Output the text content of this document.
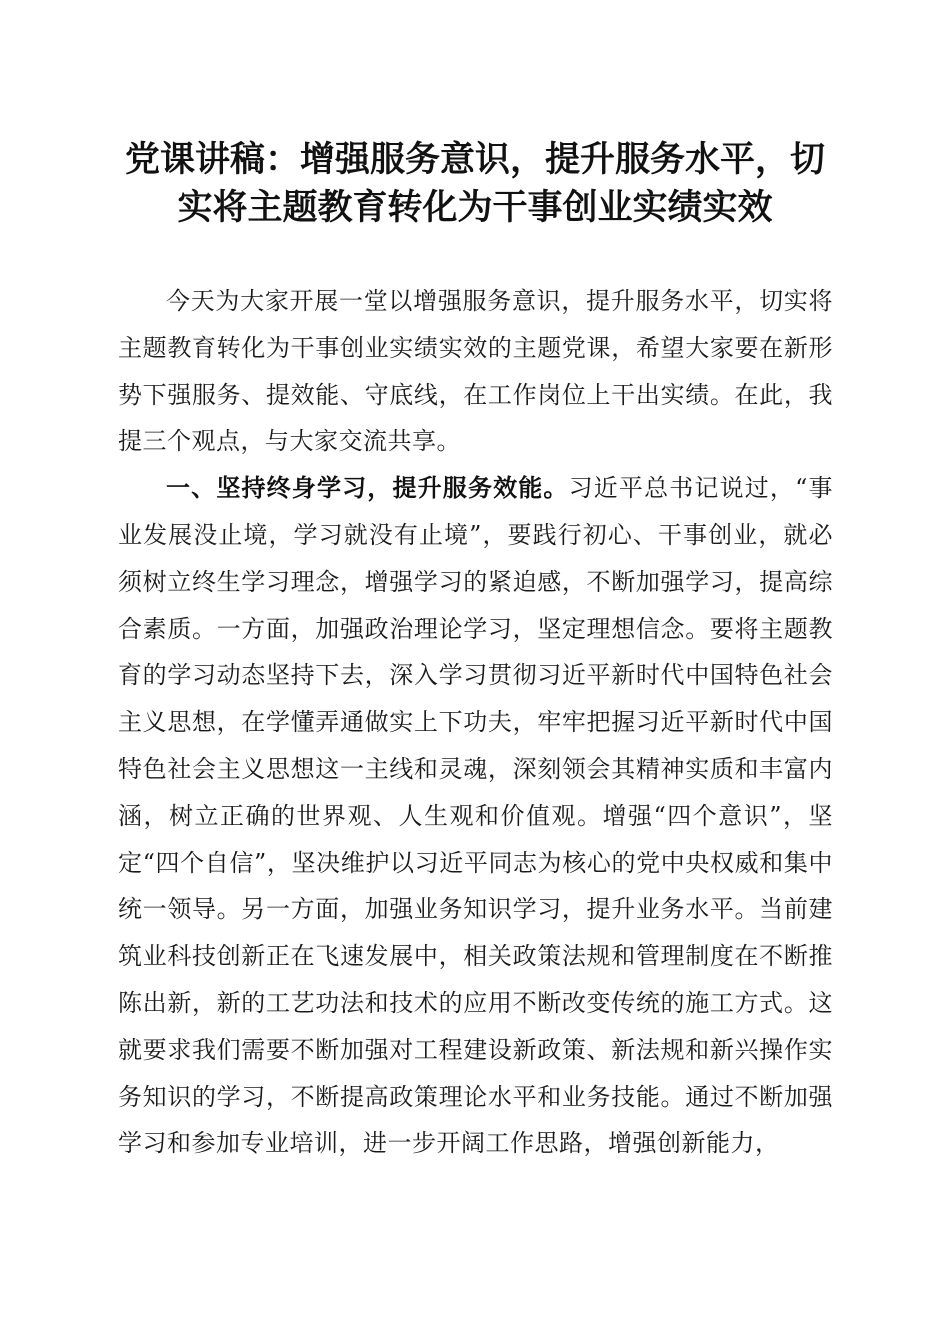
党课讲稿：增强服务意识，提升服务水平，切
实将主题教育转化为干事创业实绩实效

今天为大家开展一堂以增强服务意识，提升服务水平，切实将主题教育转化为干事创业实绩实效的主题党课，希望大家要在新形势下强服务、提效能、守底线，在工作岗位上干出实绩。在此，我提三个观点，与大家交流共享。

一、坚持终身学习，提升服务效能。习近平总书记说过，“事业发展没止境，学习就没有止境”，要践行初心、干事创业，就必须树立终生学习理念，增强学习的紧迫感，不断加强学习，提高综合素质。一方面，加强政治理论学习，坚定理想信念。要将主题教育的学习动态坚持下去，深入学习贯彻习近平新时代中国特色社会主义思想，在学懂弄通做实上下功夫，牢牢把握习近平新时代中国特色社会主义思想这一主线和灵魂，深刻领会其精神实质和丰富内涵，树立正确的世界观、人生观和价值观。增强“四个意识”，坚定“四个自信”，坚决维护以习近平同志为核心的党中央权威和集中统一领导。另一方面，加强业务知识学习，提升业务水平。当前建筑业科技创新正在飞速发展中，相关政策法规和管理制度在不断推陈出新，新的工艺功法和技术的应用不断改变传统的施工方式。这就要求我们需要不断加强对工程建设新政策、新法规和新兴操作实务知识的学习，不断提高政策理论水平和业务技能。通过不断加强学习和参加专业培训，进一步开阔工作思路，增强创新能力，
